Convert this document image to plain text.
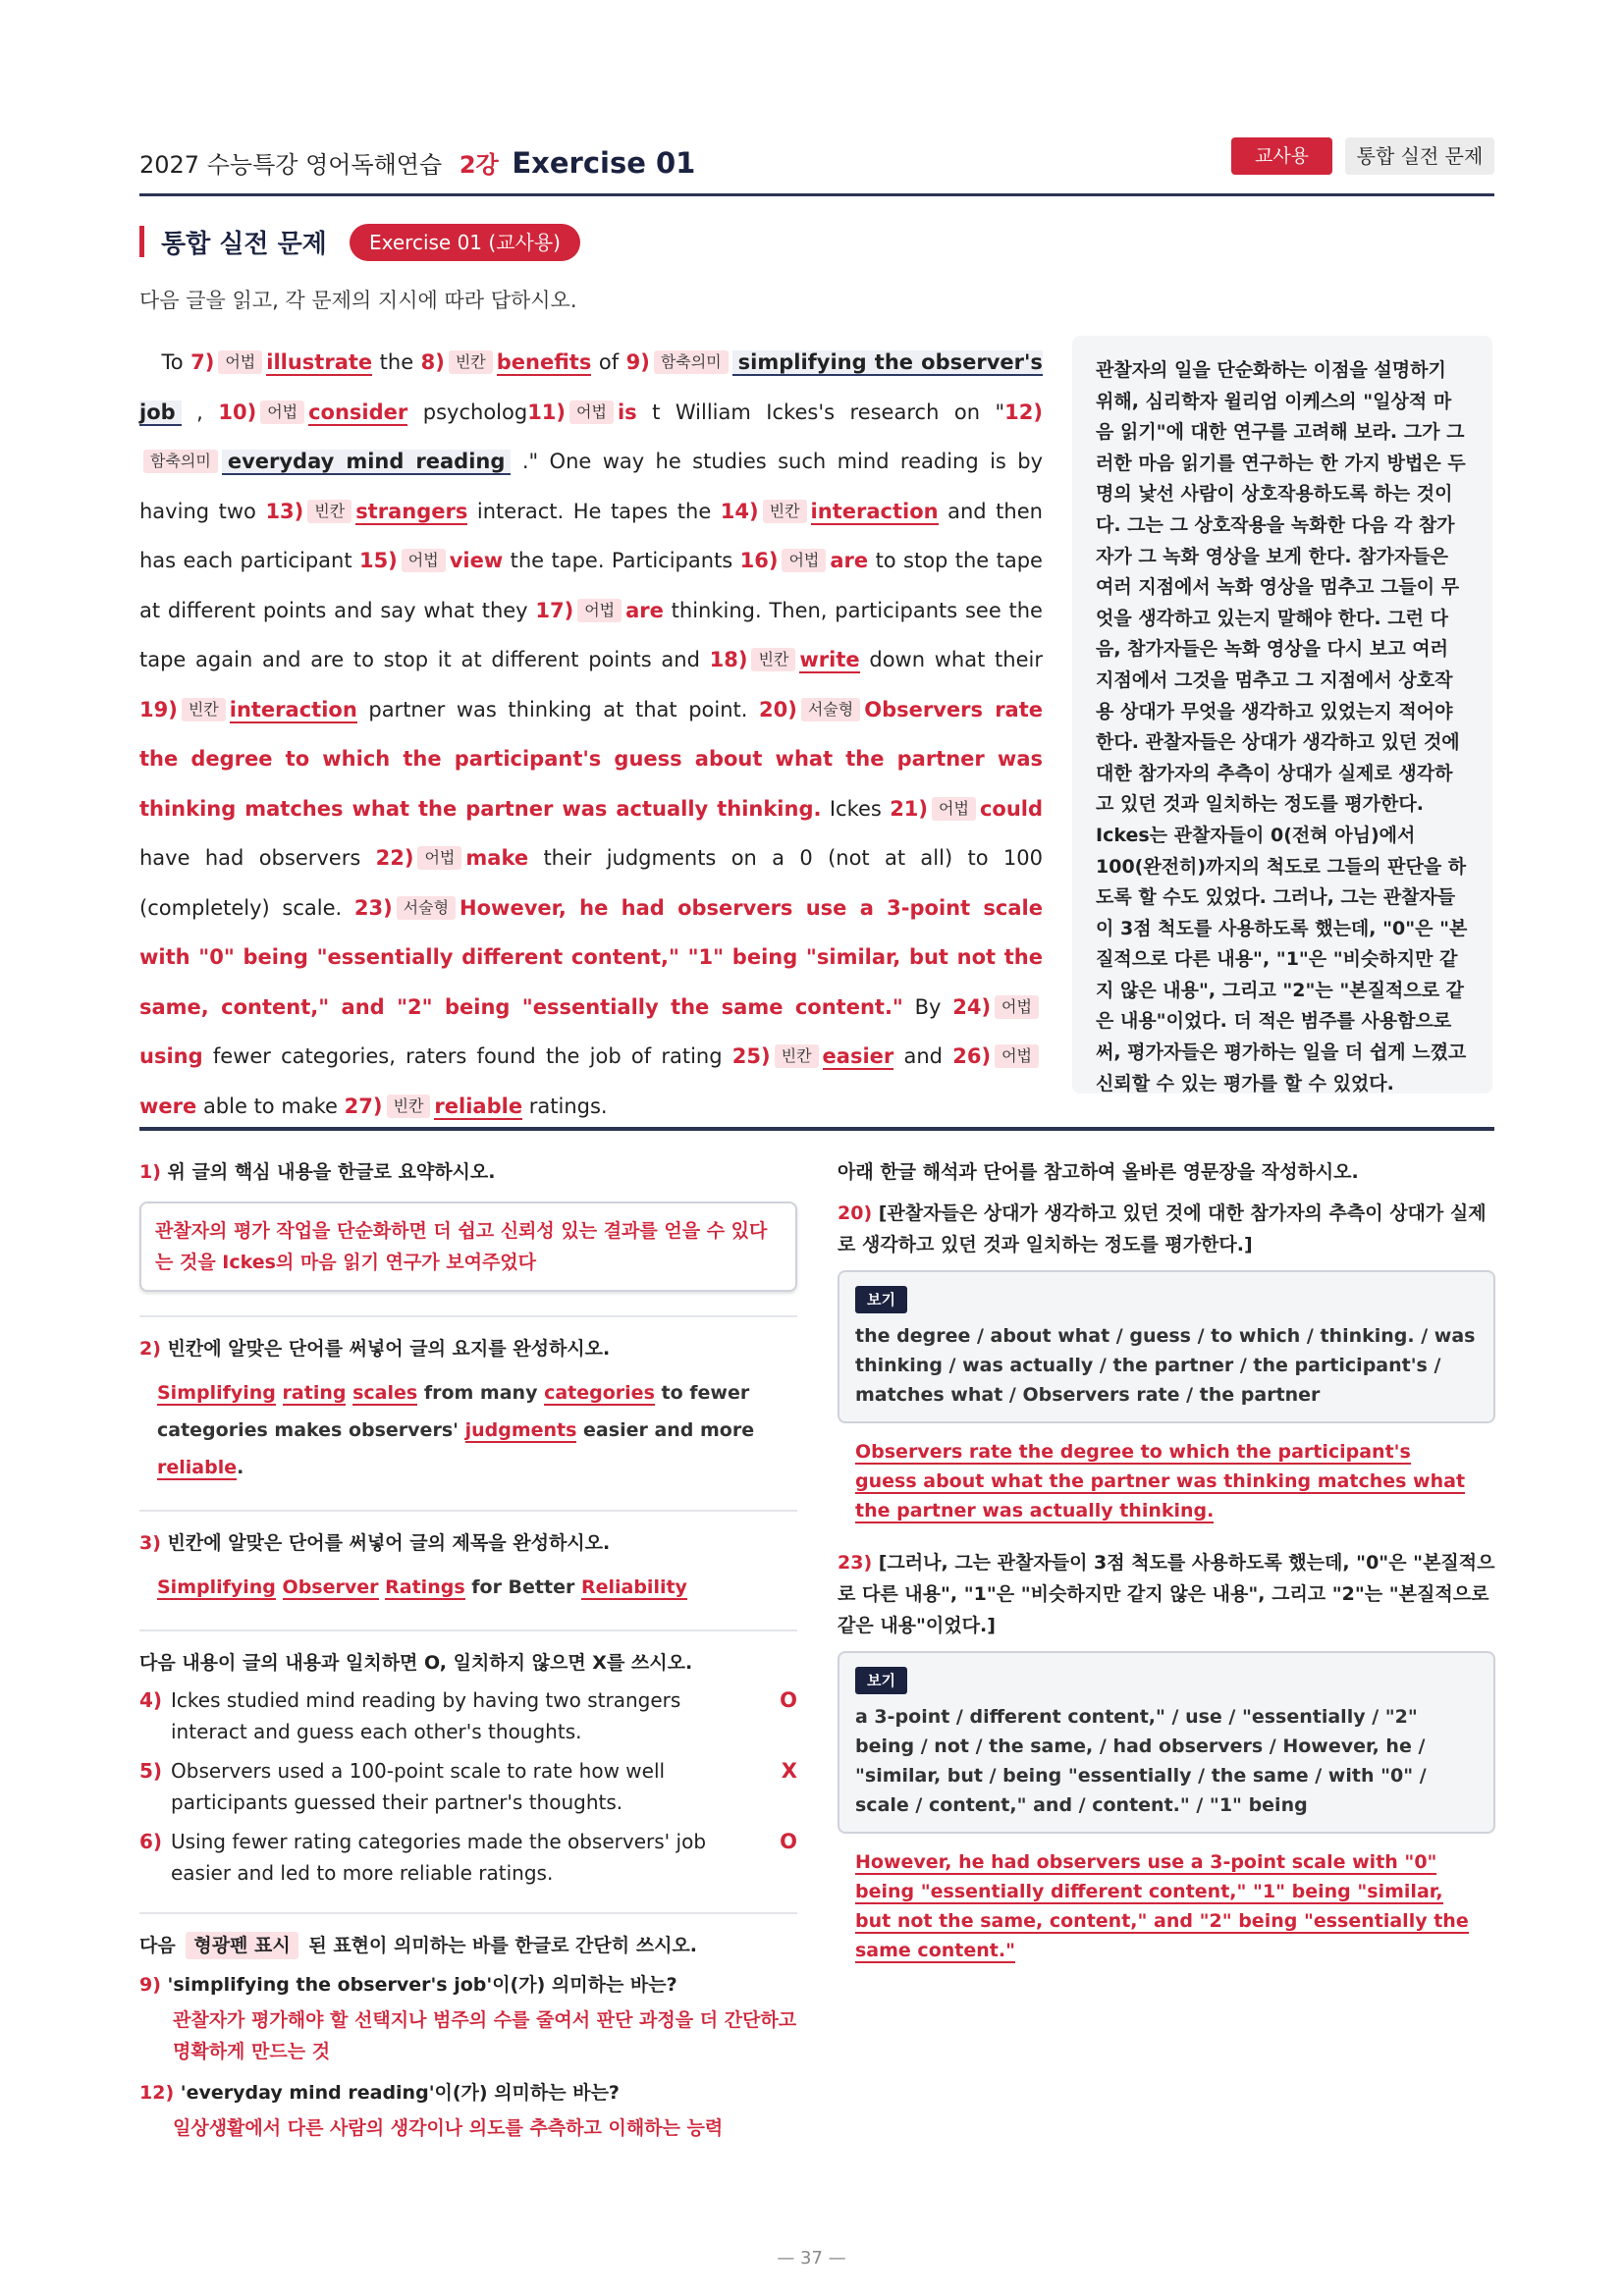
2027 수능특강 영어독해연습 2강 Exercise 01	교사용	통합 실전 문제
통합 실전 문제	Exercise 01 (교사용)
다음 글을 읽고, 각 문제의 지시에 따라 답하시오.
To 7) 어법 illustrate the 8) 빈칸 benefits of 9) 함축의미 simplifying the observer's job , 10) 어법 consider psycholog11) 어법 is t William Ickes's research on "12)함축의미 everyday mind reading ." One way he studies such mind reading is by having two 13) 빈칸 strangers interact. He tapes the 14) 빈칸 interaction and then has each participant 15) 어법 view the tape. Participants 16) 어법 are to stop the tape at different points and say what they 17) 어법 are thinking. Then, participants see the tape again and are to stop it at different points and 18) 빈칸 write down what their 19) 빈칸 interaction partner was thinking at that point. 20) 서술형 Observers rate the degree to which the participant's guess about what the partner was thinking matches what the partner was actually thinking. Ickes 21) 어법 could have had observers 22) 어법 make their judgments on a 0 (not at all) to 100 (completely) scale. 23) 서술형 However, he had observers use a 3-point scale with "0" being "essentially different content," "1" being "similar, but not the same, content," and "2" being "essentially the same content." By 24) 어법using fewer categories, raters found the job of rating 25) 빈칸 easier and 26) 어법were able to make 27) 빈칸 reliable ratings.
관찰자의 일을 단순화하는 이점을 설명하기 위해, 심리학자 윌리엄 이케스의 "일상적 마음 읽기"에 대한 연구를 고려해 보라. 그가 그러한 마음 읽기를 연구하는 한 가지 방법은 두 명의 낯선 사람이 상호작용하도록 하는 것이다. 그는 그 상호작용을 녹화한 다음 각 참가자가 그 녹화 영상을 보게 한다. 참가자들은 여러 지점에서 녹화 영상을 멈추고 그들이 무엇을 생각하고 있는지 말해야 한다. 그런 다음, 참가자들은 녹화 영상을 다시 보고 여러 지점에서 그것을 멈추고 그 지점에서 상호작용 상대가 무엇을 생각하고 있었는지 적어야 한다. 관찰자들은 상대가 생각하고 있던 것에 대한 참가자의 추측이 상대가 실제로 생각하고 있던 것과 일치하는 정도를 평가한다. Ickes는 관찰자들이 0(전혀 아님)에서 100(완전히)까지의 척도로 그들의 판단을 하도록 할 수도 있었다. 그러나, 그는 관찰자들이 3점 척도를 사용하도록 했는데, "0"은 "본질적으로 다른 내용", "1"은 "비슷하지만 같지 않은 내용", 그리고 "2"는 "본질적으로 같은 내용"이었다. 더 적은 범주를 사용함으로써, 평가자들은 평가하는 일을 더 쉽게 느꼈고 신뢰할 수 있는 평가를 할 수 있었다.
1) 위 글의 핵심 내용을 한글로 요약하시오.
관찰자의 평가 작업을 단순화하면 더 쉽고 신뢰성 있는 결과를 얻을 수 있다는 것을 Ickes의 마음 읽기 연구가 보여주었다
2) 빈칸에 알맞은 단어를 써넣어 글의 요지를 완성하시오.
Simplifying rating scales from many categories to fewer categories makes observers' judgments easier and more reliable.
3) 빈칸에 알맞은 단어를 써넣어 글의 제목을 완성하시오.
Simplifying Observer Ratings for Better Reliability
다음 내용이 글의 내용과 일치하면 O, 일치하지 않으면 X를 쓰시오.
4) Ickes studied mind reading by having two strangers interact and guess each other's thoughts.
O
5) Observers used a 100-point scale to rate how well participants guessed their partner's thoughts.
X
6) Using fewer rating categories made the observers' job easier and led to more reliable ratings.
O
다음 형광펜 표시 된 표현이 의미하는 바를 한글로 간단히 쓰시오.
9) 'simplifying the observer's job'이(가) 의미하는 바는?
관찰자가 평가해야 할 선택지나 범주의 수를 줄여서 판단 과정을 더 간단하고 명확하게 만드는 것
12) 'everyday mind reading'이(가) 의미하는 바는?
일상생활에서 다른 사람의 생각이나 의도를 추측하고 이해하는 능력
아래 한글 해석과 단어를 참고하여 올바른 영문장을 작성하시오.
20) [관찰자들은 상대가 생각하고 있던 것에 대한 참가자의 추측이 상대가 실제로 생각하고 있던 것과 일치하는 정도를 평가한다.]
보기
the degree / about what / guess / to which / thinking. / was thinking / was actually / the partner / the participant's / matches what / Observers rate / the partner
Observers rate the degree to which the participant's guess about what the partner was thinking matches what the partner was actually thinking.
23) [그러나, 그는 관찰자들이 3점 척도를 사용하도록 했는데, "0"은 "본질적으로 다른 내용", "1"은 "비슷하지만 같지 않은 내용", 그리고 "2"는 "본질적으로 같은 내용"이었다.]
보기
a 3-point / different content," / use / "essentially / "2" being / not / the same, / had observers / However, he / "similar, but / being "essentially / the same / with "0" / scale / content," and / content." / "1" being
However, he had observers use a 3-point scale with "0" being "essentially different content," "1" being "similar, but not the same, content," and "2" being "essentially the same content."
— 37 —
